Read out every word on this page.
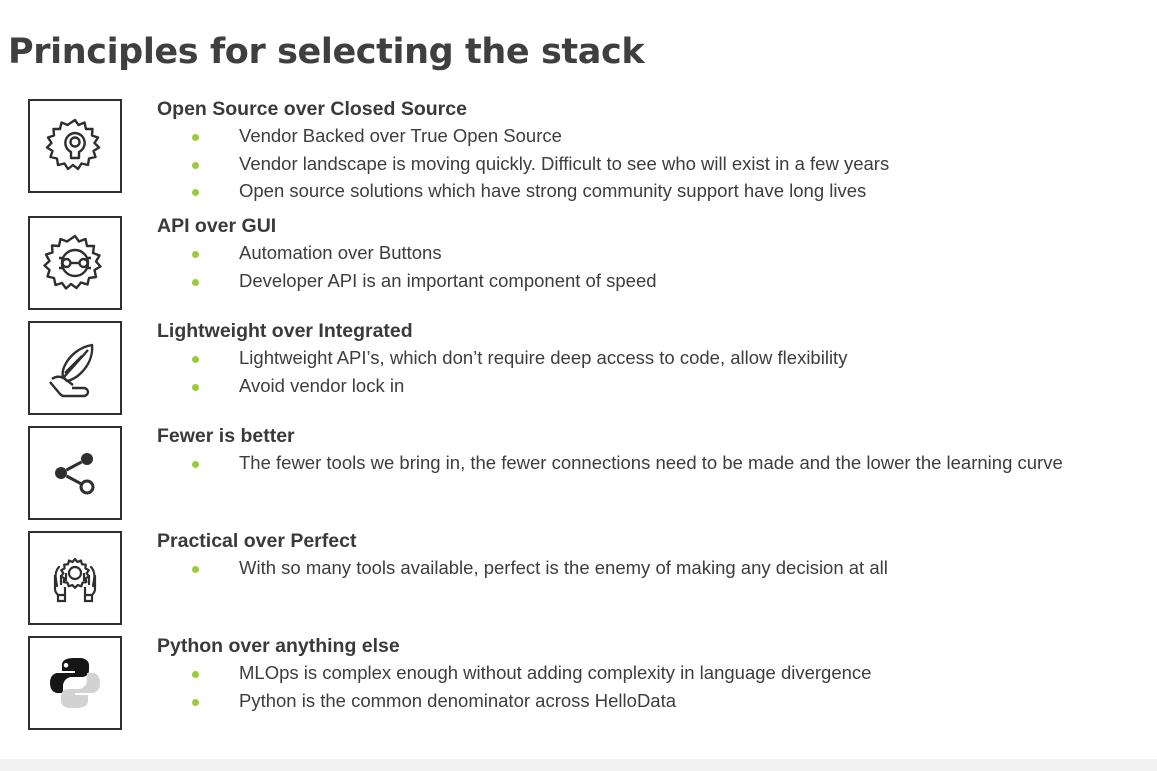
Principles for selecting the stack
Open Source over Closed Source
Vendor Backed over True Open Source
Vendor landscape is moving quickly. Difficult to see who will exist in a few years
Open source solutions which have strong community support have long lives
API over GUI
Automation over Buttons
Developer API is an important component of speed
Lightweight over Integrated
Lightweight API’s, which don’t require deep access to code, allow flexibility
Avoid vendor lock in
Fewer is better
The fewer tools we bring in, the fewer connections need to be made and the lower the learning curve
Practical over Perfect
With so many tools available, perfect is the enemy of making any decision at all
Python over anything else
MLOps is complex enough without adding complexity in language divergence
Python is the common denominator across HelloData
